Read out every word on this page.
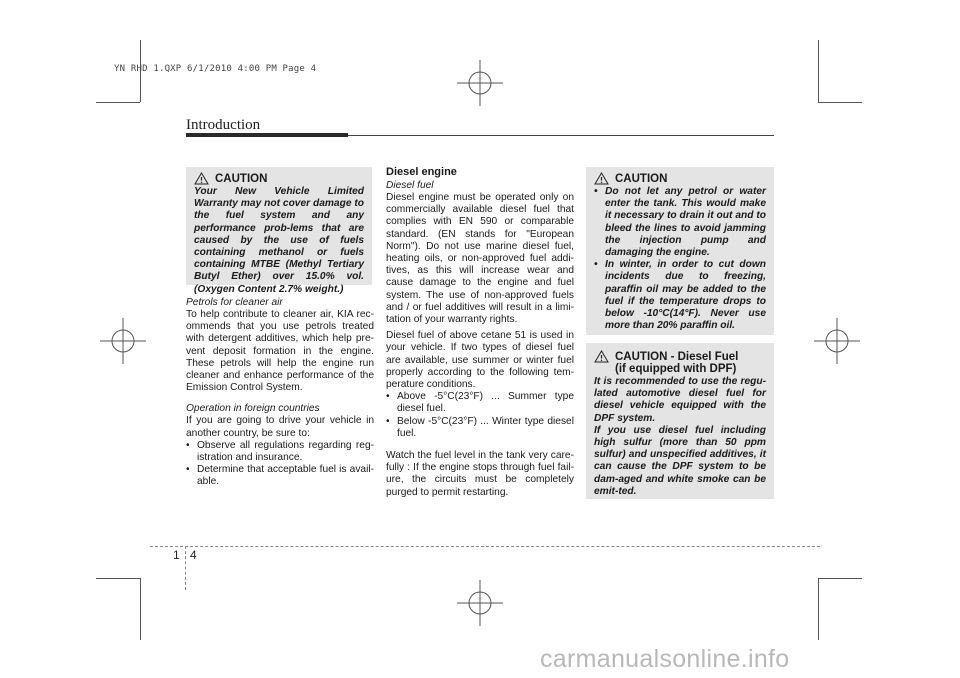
YN RHD 1.QXP 6/1/2010 4:00 PM Page 4
Introduction
CAUTION

Your New Vehicle Limited Warranty may not cover damage to the fuel system and any performance prob-lems that are caused by the use of fuels containing methanol or fuels containing MTBE (Methyl Tertiary Butyl Ether) over 15.0% vol. (Oxygen Content 2.7% weight.)

Petrols for cleaner air

To help contribute to cleaner air, KIA rec-ommends that you use petrols treated with detergent additives, which help pre-vent deposit formation in the engine. These petrols will help the engine run cleaner and enhance performance of the Emission Control System.

Operation in foreign countries

If you are going to drive your vehicle in another country, be sure to:

• Observe all regulations regarding reg-istration and insurance.
• Determine that acceptable fuel is avail-able.
Diesel engine

Diesel fuel

Diesel engine must be operated only on commercially available diesel fuel that complies with EN 590 or comparable standard. (EN stands for "European Norm"). Do not use marine diesel fuel, heating oils, or non-approved fuel addi-tives, as this will increase wear and cause damage to the engine and fuel system. The use of non-approved fuels and / or fuel additives will result in a limi-tation of your warranty rights.

Diesel fuel of above cetane 51 is used in your vehicle. If two types of diesel fuel are available, use summer or winter fuel properly according to the following tem-perature conditions.

• Above -5°C(23°F) ... Summer type diesel fuel.
• Below -5°C(23°F) ... Winter type diesel fuel.

Watch the fuel level in the tank very care-fully : If the engine stops through fuel fail-ure, the circuits must be completely purged to permit restarting.

CAUTION
• Do not let any petrol or water enter the tank. This would make it necessary to drain it out and to bleed the lines to avoid jamming the injection pump and damaging the engine.
• In winter, in order to cut down incidents due to freezing, paraffin oil may be added to the fuel if the temperature drops to below -10°C(14°F). Never use more than 20% paraffin oil.
CAUTION - Diesel Fuel
(if equipped with DPF)

It is recommended to use the regu-lated automotive diesel fuel for diesel vehicle equipped with the DPF system.

If you use diesel fuel including high sulfur (more than 50 ppm sulfur) and unspecified additives, it can cause the DPF system to be dam-aged and white smoke can be emit-ted.

1 4
carmanualsonline.info
